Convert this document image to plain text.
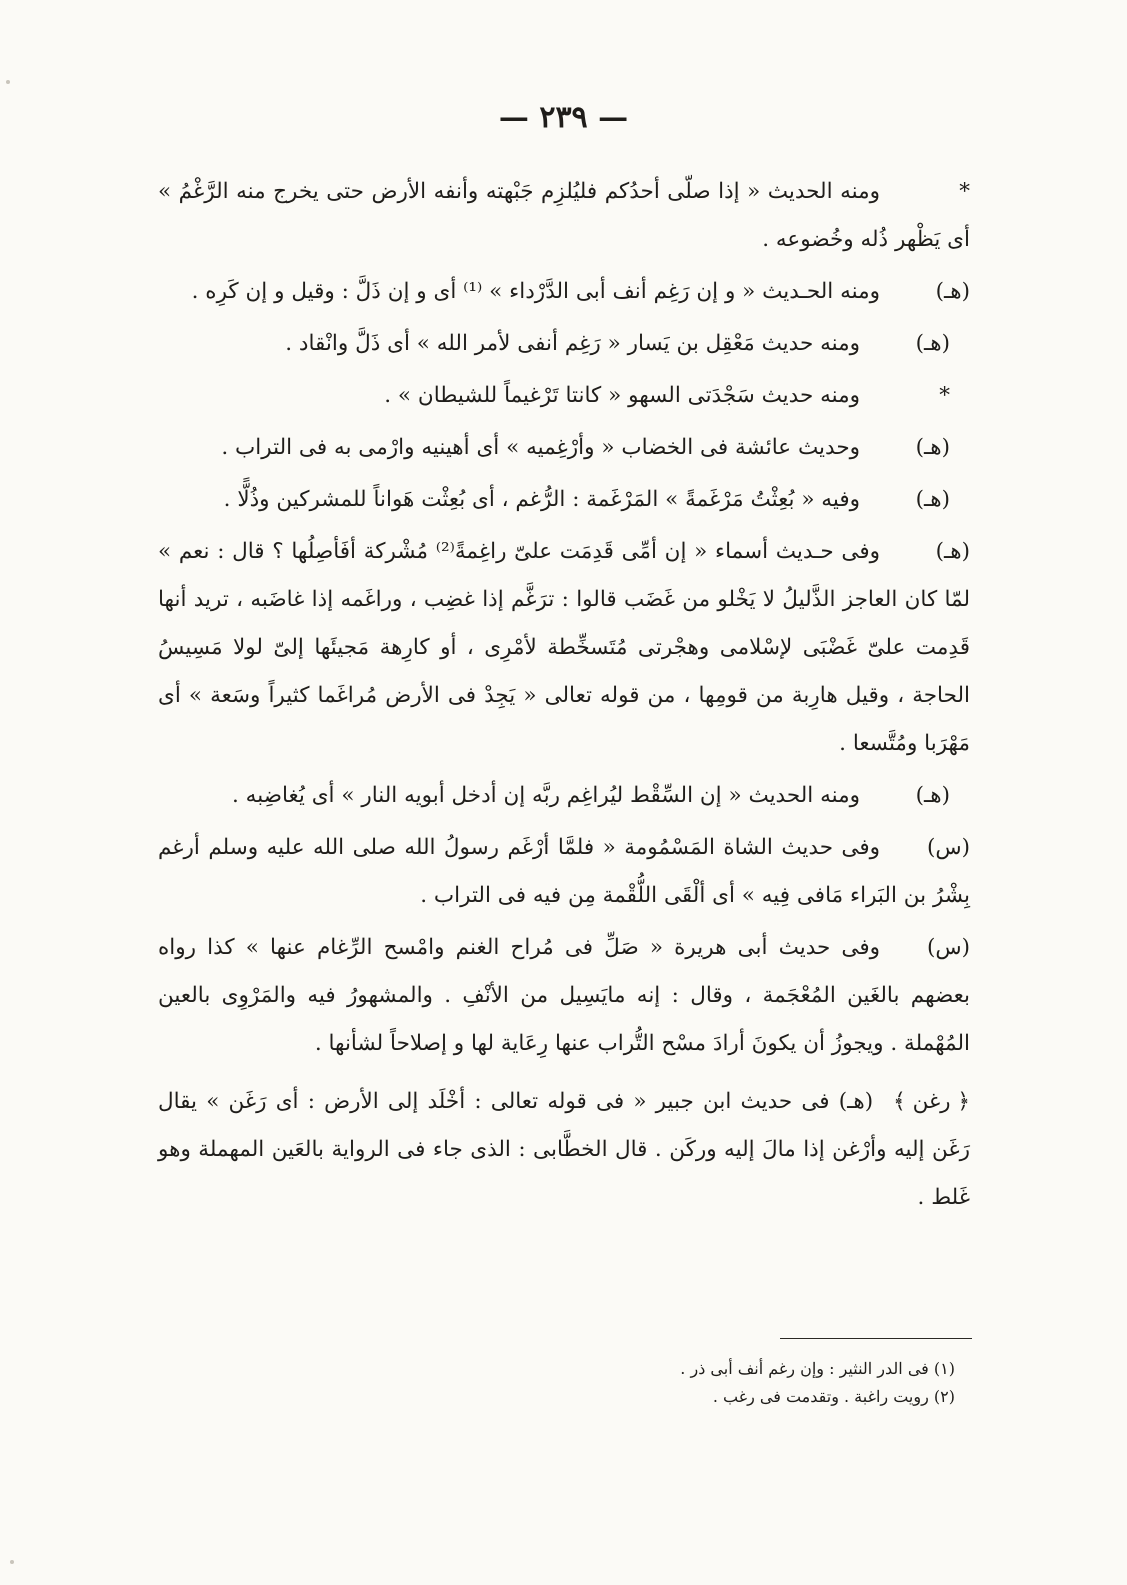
— ٢٣٩ —

*ومنه الحديث « إذا صلّى أحدُكم فليُلزِم جَبْهته وأنفه الأرض حتى يخرج منه الرَّغْمُ » أى يَظْهر ذُله وخُضوعه .

(هـ)ومنه الحـديث « و إن رَغِم أنف أبى الدَّرْداء » ⁽¹⁾ أى و إن ذَلَّ : وقيل و إن كَرِه .

(هـ)ومنه حديث مَعْقِل بن يَسار « رَغِم أنفى لأمر الله » أى ذَلَّ وانْقاد .

*ومنه حديث سَجْدَتى السهو « كانتا تَرْغيماً للشيطان » .

(هـ)وحديث عائشة فى الخضاب « وأرْغِميه » أى أهينيه وارْمى به فى التراب .

(هـ)وفيه « بُعِثْتُ مَرْغَمةً » المَرْغَمة : الرُّغم ، أى بُعِثْت هَواناً للمشركين وذُلًّا .

(هـ)وفى حـديث أسماء « إن أمِّى قَدِمَت علىّ راغِمةً⁽²⁾ مُشْركة أفَأصِلُها ؟ قال : نعم » لمّا كان العاجز الذَّليلُ لا يَخْلو من غَضَب قالوا : ترَغَّم إذا غضِب ، وراغَمه إذا غاضَبه ، تريد أنها قَدِمت علىّ غَضْبَى لإسْلامى وهجْرتى مُتَسخِّطة لأمْرِى ، أو كارِهة مَجيئَها إلىّ لولا مَسِيسُ الحاجة ، وقيل هارِبة من قومِها ، من قوله تعالى « يَجِدْ فى الأرض مُراغَما كثيراً وسَعة » أى مَهْرَبا ومُتَّسعا .

(هـ)ومنه الحديث « إن السِّقْط ليُراغِم ربَّه إن أدخل أبويه النار » أى يُغاضِبه .

(س)وفى حديث الشاة المَسْمُومة « فلمَّا أرْغَم رسولُ الله صلى الله عليه وسلم أرغم بِشْرُ بن البَراء مَافى فِيه » أى ألْقَى اللُّقْمة مِن فيه فى التراب .

(س)وفى حديث أبى هريرة « صَلِّ فى مُراح الغنم وامْسح الرِّغام عنها » كذا رواه بعضهم بالغَين المُعْجَمة ، وقال : إنه مايَسِيل من الأنْفِ . والمشهورُ فيه والمَرْوِى بالعين المُهْملة . ويجوزُ أن يكونَ أرادَ مسْح التُّراب عنها رِعَاية لها و إصلاحاً لشأنها .

﴿ رغن ﴾(هـ) فى حديث ابن جبير « فى قوله تعالى : أخْلَد إلى الأرض : أى رَغَن » يقال رَغَن إليه وأرْغن إذا مالَ إليه وركَن . قال الخطَّابى : الذى جاء فى الرواية بالعَين المهملة وهو غَلط .

(١) فى الدر النثير : وإن رغم أنف أبى ذر .

(٢) رويت راغبة . وتقدمت فى رغب .
